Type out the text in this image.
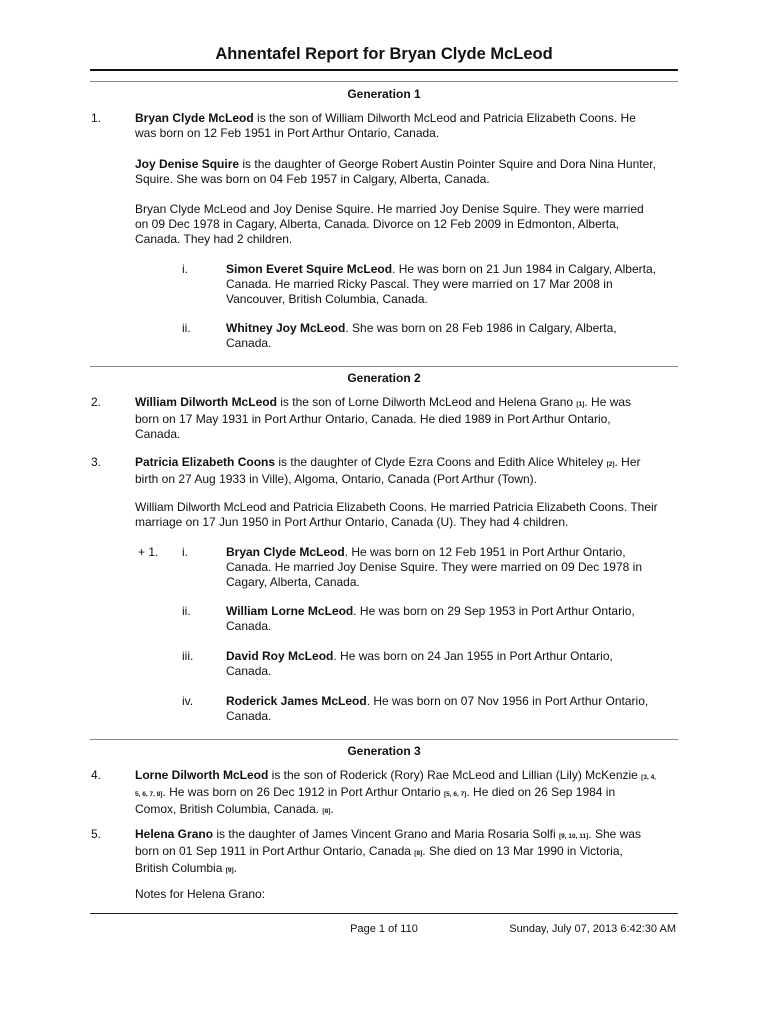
Ahnentafel Report for Bryan Clyde McLeod
Generation 1
1.	Bryan Clyde McLeod is the son of William Dilworth McLeod and Patricia Elizabeth Coons. He
was born on 12 Feb 1951 in Port Arthur Ontario, Canada.
Joy Denise Squire is the daughter of George Robert Austin Pointer Squire and Dora Nina Hunter,
Squire. She was born on 04 Feb 1957 in Calgary, Alberta, Canada.
Bryan Clyde McLeod and Joy Denise Squire. He married Joy Denise Squire. They were married
on 09 Dec 1978 in Cagary, Alberta, Canada. Divorce on 12 Feb 2009 in Edmonton, Alberta,
Canada. They had 2 children.
i.	Simon Everet Squire McLeod. He was born on 21 Jun 1984 in Calgary, Alberta,
Canada. He married Ricky Pascal. They were married on 17 Mar 2008 in
Vancouver, British Columbia, Canada.
ii.	Whitney Joy McLeod. She was born on 28 Feb 1986 in Calgary, Alberta,
Canada.
Generation 2
2.	William Dilworth McLeod is the son of Lorne Dilworth McLeod and Helena Grano [1]. He was
born on 17 May 1931 in Port Arthur Ontario, Canada. He died 1989 in Port Arthur Ontario,
Canada.
3.	Patricia Elizabeth Coons is the daughter of Clyde Ezra Coons and Edith Alice Whiteley [2]. Her
birth on 27 Aug 1933 in Ville), Algoma, Ontario, Canada (Port Arthur (Town).
William Dilworth McLeod and Patricia Elizabeth Coons. He married Patricia Elizabeth Coons. Their
marriage on 17 Jun 1950 in Port Arthur Ontario, Canada (U). They had 4 children.
+ 1. i.	Bryan Clyde McLeod. He was born on 12 Feb 1951 in Port Arthur Ontario,
Canada. He married Joy Denise Squire. They were married on 09 Dec 1978 in
Cagary, Alberta, Canada.
ii.	William Lorne McLeod. He was born on 29 Sep 1953 in Port Arthur Ontario,
Canada.
iii.	David Roy McLeod. He was born on 24 Jan 1955 in Port Arthur Ontario,
Canada.
iv.	Roderick James McLeod. He was born on 07 Nov 1956 in Port Arthur Ontario,
Canada.
Generation 3
4.	Lorne Dilworth McLeod is the son of Roderick (Rory) Rae McLeod and Lillian (Lily) McKenzie [3, 4,
5, 6, 7, 8]. He was born on 26 Dec 1912 in Port Arthur Ontario [5, 6, 7]. He died on 26 Sep 1984 in
Comox, British Columbia, Canada. [8].
5.	Helena Grano is the daughter of James Vincent Grano and Maria Rosaria Solfi [9, 10, 11]. She was
born on 01 Sep 1911 in Port Arthur Ontario, Canada [8]. She died on 13 Mar 1990 in Victoria,
British Columbia [9].
Notes for Helena Grano:
Page 1 of 110	Sunday, July 07, 2013 6:42:30 AM
